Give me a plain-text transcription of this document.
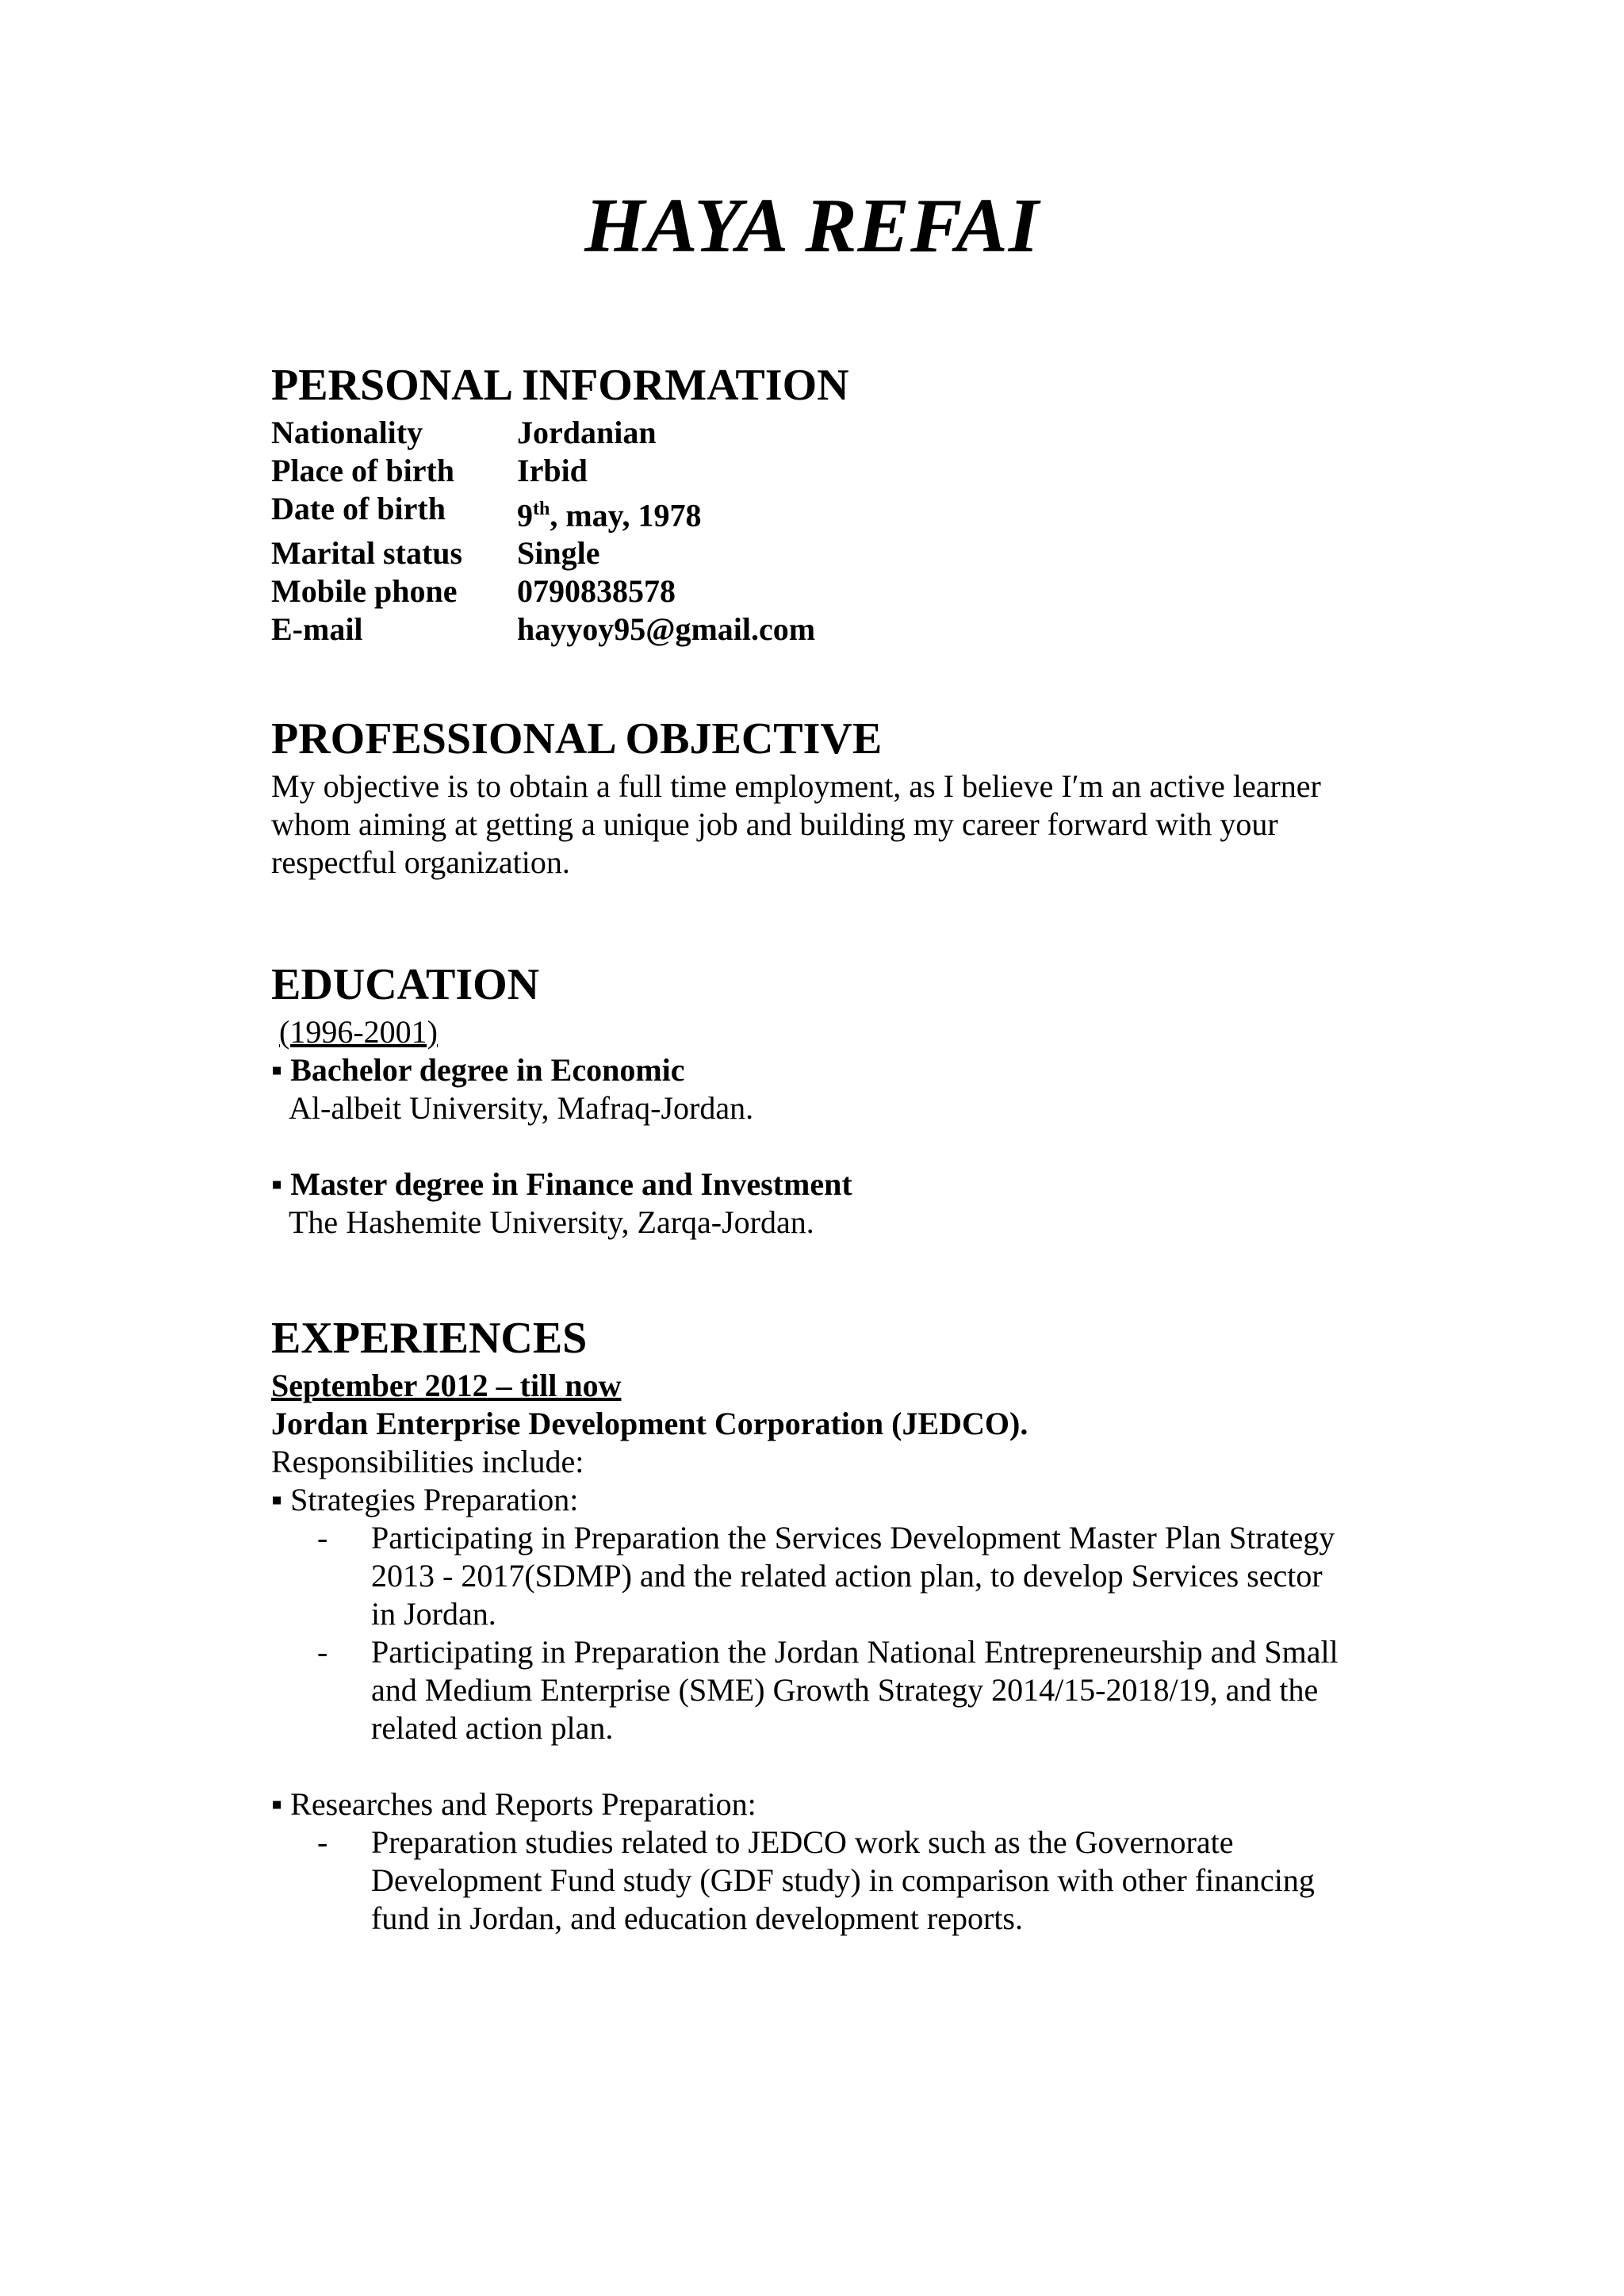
HAYA REFAI
PERSONAL INFORMATION
Nationality	Jordanian
Place of birth	Irbid
Date of birth	9th, may, 1978
Marital status	Single
Mobile phone	0790838578
E-mail	hayyoy95@gmail.com
PROFESSIONAL OBJECTIVE
My objective is to obtain a full time employment, as I believe Iʹm an active learner
whom aiming at getting a unique job and building my career forward with your
respectful organization.
EDUCATION
(1996-2001)
▪ Bachelor degree in Economic
Al-albeit University, Mafraq-Jordan.
▪ Master degree in Finance and Investment
The Hashemite University, Zarqa-Jordan.
EXPERIENCES
September 2012 – till now
Jordan Enterprise Development Corporation (JEDCO).
Responsibilities include:
▪ Strategies Preparation:
-	Participating in Preparation the Services Development Master Plan Strategy
2013 - 2017(SDMP) and the related action plan, to develop Services sector
in Jordan.
-	Participating in Preparation the Jordan National Entrepreneurship and Small
and Medium Enterprise (SME) Growth Strategy 2014/15-2018/19, and the
related action plan.
▪ Researches and Reports Preparation:
-	Preparation studies related to JEDCO work such as the Governorate
Development Fund study (GDF study) in comparison with other financing
fund in Jordan, and education development reports.
